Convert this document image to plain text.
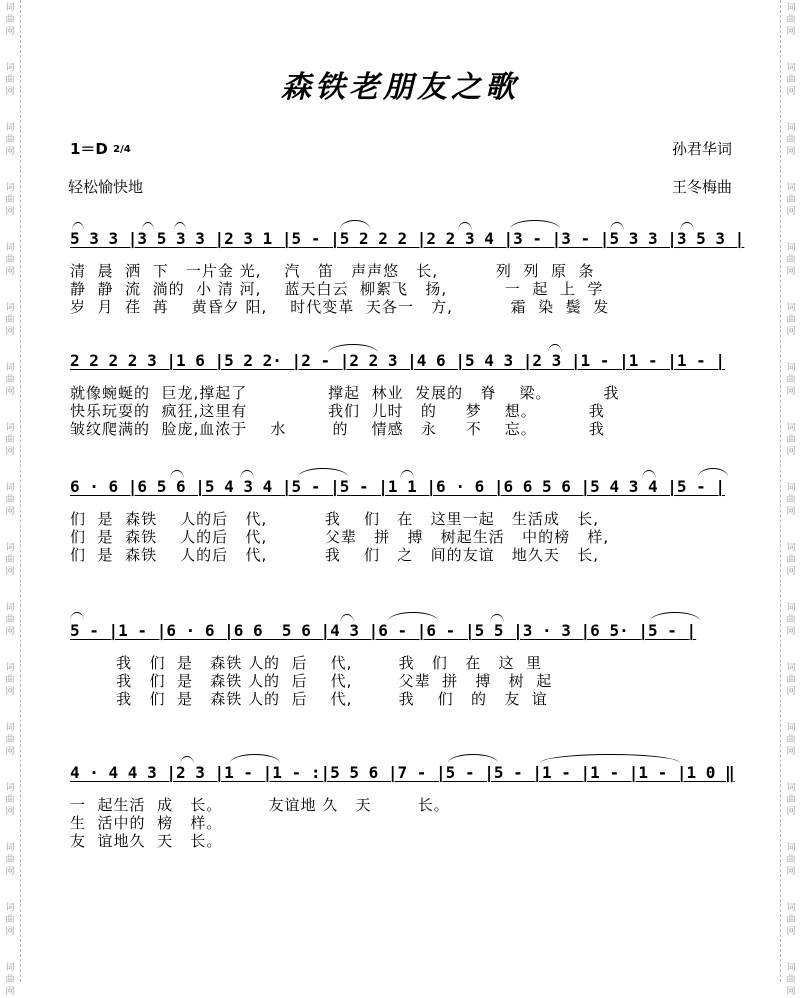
词曲网
词曲网
词曲网
词曲网
词曲网
词曲网
词曲网
词曲网
词曲网
词曲网
词曲网
词曲网
词曲网
词曲网
词曲网
词曲网
词曲网
词曲网
词曲网
词曲网
词曲网
词曲网
词曲网
词曲网
词曲网
词曲网
词曲网
词曲网
词曲网
词曲网
词曲网
词曲网
词曲网
词曲网
森铁老朋友之歌
1＝D 2/4
轻松愉快地
孙君华词
王冬梅曲
5 3 3 |3 5 3 3 |2 3 1 |5 - |5 2 2 2 |2 2 3 4 |3 - |3 - |5 3 3 |3 5 3 |
清  晨  洒  下   一片金 光,    汽   笛   声声悠   长,          列  列  原  条
静  静  流  淌的  小 清 河,    蓝天白云  柳絮飞   扬,          一  起  上  学
岁  月  荏  苒    黄昏夕 阳,    时代变革  天各一   方,          霜  染  鬓  发
2 2 2 2 3 |1 6 |5 2 2· |2 - |2 2 3 |4 6 |5 4 3 |2 3 |1 - |1 - |1 - |
就像蜿蜒的  巨龙,撑起了              撑起  林业  发展的   脊    梁。         我
快乐玩耍的  疯狂,这里有              我们  儿时   的     梦    想。         我
皱纹爬满的  脸庞,血浓于    水        的    情感   永     不    忘。         我
6 · 6 |6 5 6 |5 4 3 4 |5 - |5 - |1 1 |6 · 6 |6 6 5 6 |5 4 3 4 |5 - |
们  是  森铁    人的后   代,          我    们   在   这里一起   生活成   长,
们  是  森铁    人的后   代,          父辈   拼   搏   树起生活   中的榜   样,
们  是  森铁    人的后   代,          我    们   之   间的友谊   地久天   长,
5 - |1 - |6 · 6 |6 6  5 6 |4 3 |6 - |6 - |5 5 |3 · 3 |6 5· |5 - |
我   们  是   森铁 人的  后    代,        我   们   在   这  里
我   们  是   森铁 人的  后    代,        父辈  拼   搏   树  起
我   们  是   森铁 人的  后    代,        我    们   的   友  谊
4 · 4 4 3 |2 3 |1 - |1 - :|5 5 6 |7 - |5 - |5 - |1 - |1 - |1 - |1 0 ‖
一  起生活  成   长。        友谊地 久   天        长。
生  活中的  榜   样。
友  谊地久  天   长。
